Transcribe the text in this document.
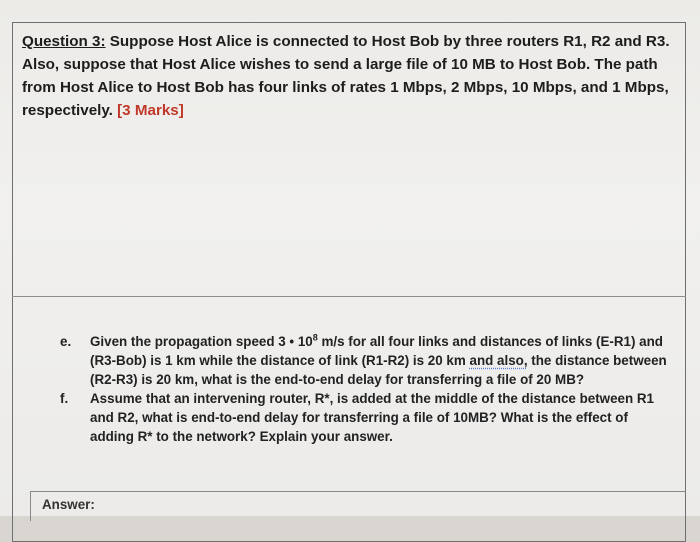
Question 3: Suppose Host Alice is connected to Host Bob by three routers R1, R2 and R3. Also, suppose that Host Alice wishes to send a large file of 10 MB to Host Bob. The path from Host Alice to Host Bob has four links of rates 1 Mbps, 2 Mbps, 10 Mbps, and 1 Mbps, respectively. [3 Marks]
e. Given the propagation speed 3 • $10^8$ m/s for all four links and distances of links (E-R1) and (R3-Bob) is 1 km while the distance of link (R1-R2) is 20 km and also, the distance between (R2-R3) is 20 km, what is the end-to-end delay for transferring a file of 20 MB?
f. Assume that an intervening router, R*, is added at the middle of the distance between R1 and R2, what is end-to-end delay for transferring a file of 10MB? What is the effect of adding R* to the network? Explain your answer.
Answer:
